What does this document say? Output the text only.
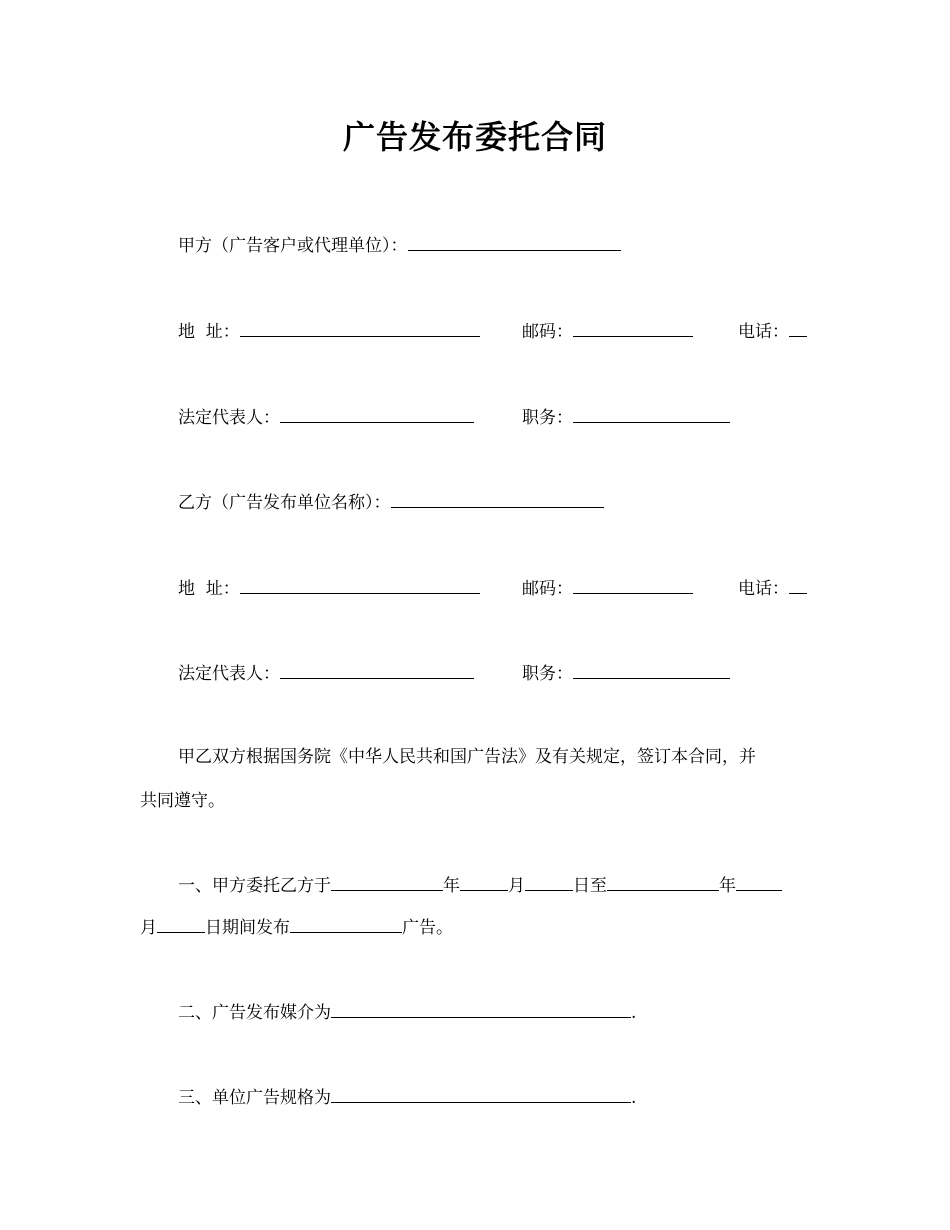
广告发布委托合同
甲方（广告客户或代理单位）：
地  址：	邮码：	电话：
法定代表人：	职务：
乙方（广告发布单位名称）：
地  址：	邮码：	电话：
法定代表人：	职务：
甲乙双方根据国务院《中华人民共和国广告法》及有关规定，签订本合同，并
共同遵守。
一、甲方委托乙方于	年	月	日至	年
月	日期间发布	广告。
二、广告发布媒介为	.
三、单位广告规格为	.
